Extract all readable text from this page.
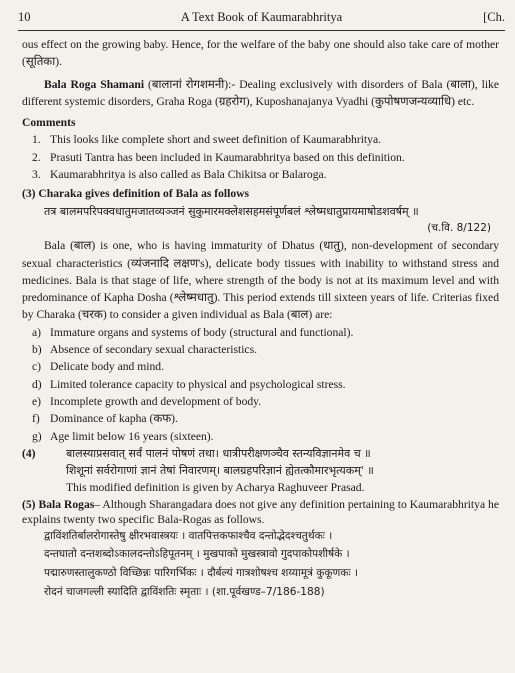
10	A Text Book of Kaumarabhritya	[Ch.

ous effect on the growing baby. Hence, for the welfare of the baby one should also take care of mother (सूतिका).

Bala Roga Shamani (बालानां रोगशमनी):- Dealing exclusively with disorders of Bala (बाला), like different systemic disorders, Graha Roga (ग्रहरोग), Kuposhanajanya Vyadhi (कुपोषणजन्यव्याधि) etc.

Comments

1. This looks like complete short and sweet definition of Kaumarabhritya.
2. Prasuti Tantra has been included in Kaumarabhritya based on this definition.
3. Kaumarabhritya is also called as Bala Chikitsa or Balaroga.

(3) Charaka gives definition of Bala as follows

तत्र बालमपरिपक्वधातुमजातव्यञ्जनं सुकुमारमक्लेशसहमसंपूर्णबलं श्लेष्मधातुप्रायमाषोडशवर्षम् ॥
(च.वि. 8/122)

Bala (बाल) is one, who is having immaturity of Dhatus (धातु), non-development of secondary sexual characteristics (व्यंजनादि लक्षण's), delicate body tissues with inability to withstand stress and medicines. Bala is that stage of life, where strength of the body is not at its maximum level and with predominance of Kapha Dosha (श्लेष्मधातु). This period extends till sixteen years of life. Criterias fixed by Charaka (चरक) to consider a given individual as Bala (बाल) are:

a) Immature organs and systems of body (structural and functional).
b) Absence of secondary sexual characteristics.
c) Delicate body and mind.
d) Limited tolerance capacity to physical and psychological stress.
e) Incomplete growth and development of body.
f) Dominance of kapha (कफ).
g) Age limit below 16 years (sixteen).
(4)	बालस्याप्रसवात् सर्वं पालनं पोषणं तथा। धात्रीपरीक्षणञ्चैव स्तन्यविज्ञानमेव च ॥
शिशूनां सर्वरोगाणां ज्ञानं तेषां निवारणम्। बालग्रहपरिज्ञानं ह्येतत्कौमारभृत्यकम्' ॥

This modified definition is given by Acharya Raghuveer Prasad.

(5) Bala Rogas– Although Sharangadara does not give any definition pertaining to Kaumarabhritya he explains twenty two specific Bala-Rogas as follows.

द्वाविंशतिर्बालरोगास्तेषु क्षीरभवास्त्रयः । वातपित्तकफाश्चैव दन्तोद्भेदश्चतुर्थकः ।
दन्तघातो दन्तशब्दोऽकालदन्तोऽहिपूतनम् । मुखपाको मुखस्त्रावो गुदपाकोपशीर्षके ।
पद्मारुणस्तालुकण्ठो विच्छिन्नः पारिगर्भिकः । दौर्बल्यं गात्रशोषश्च शय्यामूत्रं कुकूणकः ।
रोदनं चाजगल्ली स्यादिति द्वाविंशतिः स्मृताः । (शा.पूर्वखण्ड–7/186-188)
